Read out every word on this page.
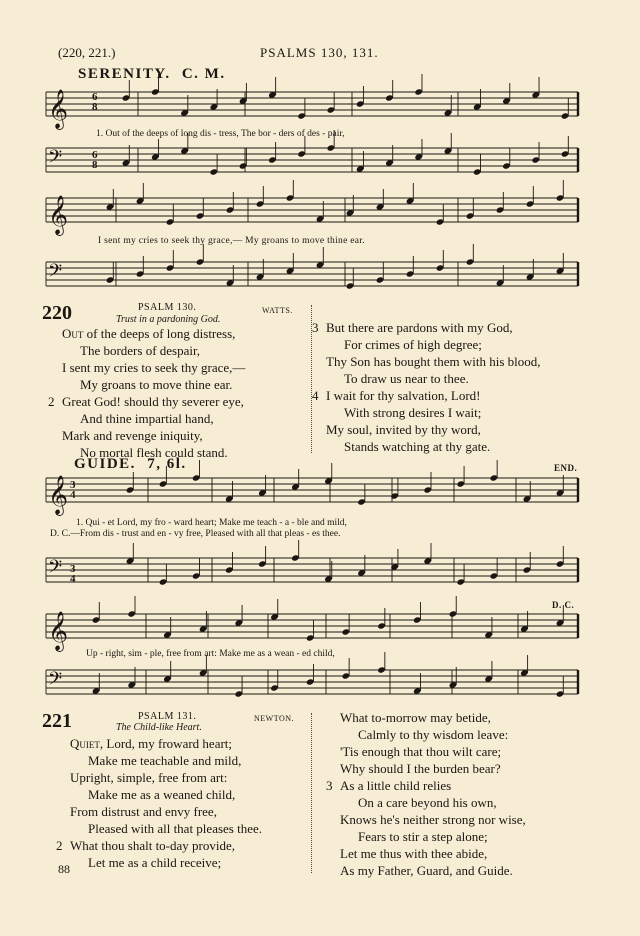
(220, 221.)	PSALMS 130, 131.
SERENITY. C. M.
𝄞
𝄢
𝄞
𝄢
𝄞
𝄢
𝄞
𝄢
6
8
6
8
1. Out of the deeps of long dis - tress, The bor - ders of des - pair,
I sent my cries to seek thy grace,— My groans to move thine ear.
220	PSALM 130.
Trust in a pardoning God.
WATTS.
Out of the deeps of long distress,
The borders of despair,
I sent my cries to seek thy grace,—
My groans to move thine ear.
2 Great God! should thy severer eye,
And thine impartial hand,
Mark and revenge iniquity,
No mortal flesh could stand.
3 But there are pardons with my God,
For crimes of high degree;
Thy Son has bought them with his blood,
To draw us near to thee.
4 I wait for thy salvation, Lord!
With strong desires I wait;
My soul, invited by thy word,
Stands watching at thy gate.
GUIDE. 7, 6l.	END.
D. C.
3
4
3
4
1. Qui - et Lord, my fro - ward heart; Make me teach - a - ble and mild,
D. C.—From dis - trust and en - vy free, Pleased with all that pleas - es thee.
Up - right, sim - ple, free from art: Make me as a wean - ed child,
221	PSALM 131.
The Child-like Heart.
NEWTON.
Quiet, Lord, my froward heart;
Make me teachable and mild,
Upright, simple, free from art:
Make me as a weaned child,
From distrust and envy free,
Pleased with all that pleases thee.
2 What thou shalt to-day provide,
Let me as a child receive;
What to-morrow may betide,
Calmly to thy wisdom leave:
'Tis enough that thou wilt care;
Why should I the burden bear?
3 As a little child relies
On a care beyond his own,
Knows he's neither strong nor wise,
Fears to stir a step alone;
Let me thus with thee abide,
As my Father, Guard, and Guide.
88
